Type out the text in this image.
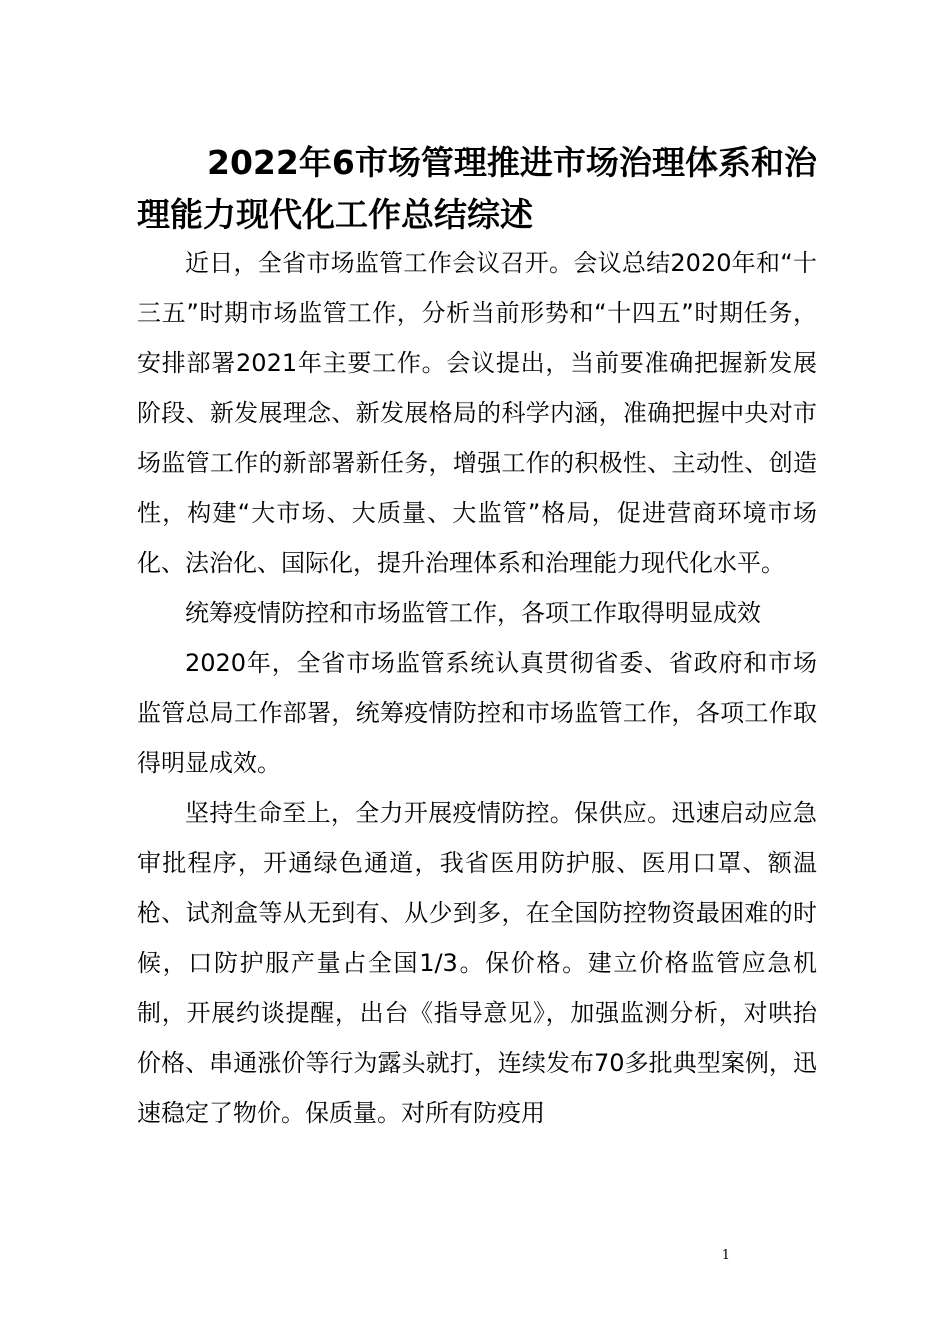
2022年6市场管理推进市场治理体系和治理能力现代化工作总结综述

近日，全省市场监管工作会议召开。会议总结2020年和“十三五”时期市场监管工作，分析当前形势和“十四五”时期任务，安排部署2021年主要工作。会议提出，当前要准确把握新发展阶段、新发展理念、新发展格局的科学内涵，准确把握中央对市场监管工作的新部署新任务，增强工作的积极性、主动性、创造性，构建“大市场、大质量、大监管”格局，促进营商环境市场化、法治化、国际化，提升治理体系和治理能力现代化水平。

统筹疫情防控和市场监管工作，各项工作取得明显成效

2020年，全省市场监管系统认真贯彻省委、省政府和市场监管总局工作部署，统筹疫情防控和市场监管工作，各项工作取得明显成效。

坚持生命至上，全力开展疫情防控。保供应。迅速启动应急审批程序，开通绿色通道，我省医用防护服、医用口罩、额温枪、试剂盒等从无到有、从少到多，在全国防控物资最困难的时候，口防护服产量占全国1/3。保价格。建立价格监管应急机制，开展约谈提醒，出台《指导意见》，加强监测分析，对哄抬价格、串通涨价等行为露头就打，连续发布70多批典型案例，迅速稳定了物价。保质量。对所有防疫用

1
